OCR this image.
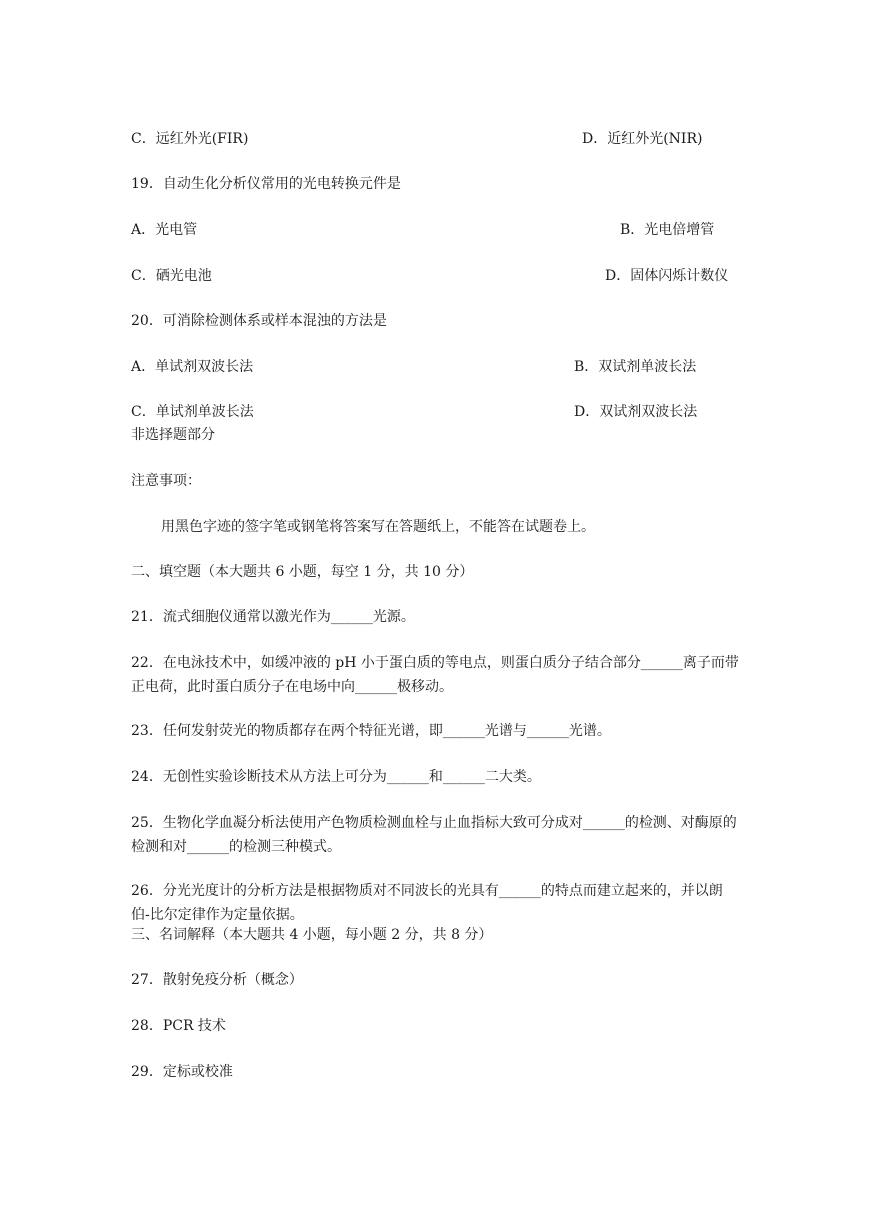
C．远红外光(FIR)	D．近红外光(NIR)
19．自动生化分析仪常用的光电转换元件是
A．光电管	B．光电倍增管
C．硒光电池	D．固体闪烁计数仪
20．可消除检测体系或样本混浊的方法是
A．单试剂双波长法	B．双试剂单波长法
C．单试剂单波长法	D．双试剂双波长法
非选择题部分
注意事项：
用黑色字迹的签字笔或钢笔将答案写在答题纸上，不能答在试题卷上。
二、填空题（本大题共 6 小题，每空 1 分，共 10 分）
21．流式细胞仪通常以激光作为______光源。
22．在电泳技术中，如缓冲液的 pH 小于蛋白质的等电点，则蛋白质分子结合部分______离子而带正电荷，此时蛋白质分子在电场中向______极移动。
23．任何发射荧光的物质都存在两个特征光谱，即______光谱与______光谱。
24．无创性实验诊断技术从方法上可分为______和______二大类。
25．生物化学血凝分析法使用产色物质检测血栓与止血指标大致可分成对______的检测、对酶原的检测和对______的检测三种模式。
26．分光光度计的分析方法是根据物质对不同波长的光具有______的特点而建立起来的，并以朗伯-比尔定律作为定量依据。
三、名词解释（本大题共 4 小题，每小题 2 分，共 8 分）
27．散射免疫分析（概念）
28．PCR 技术
29．定标或校准
